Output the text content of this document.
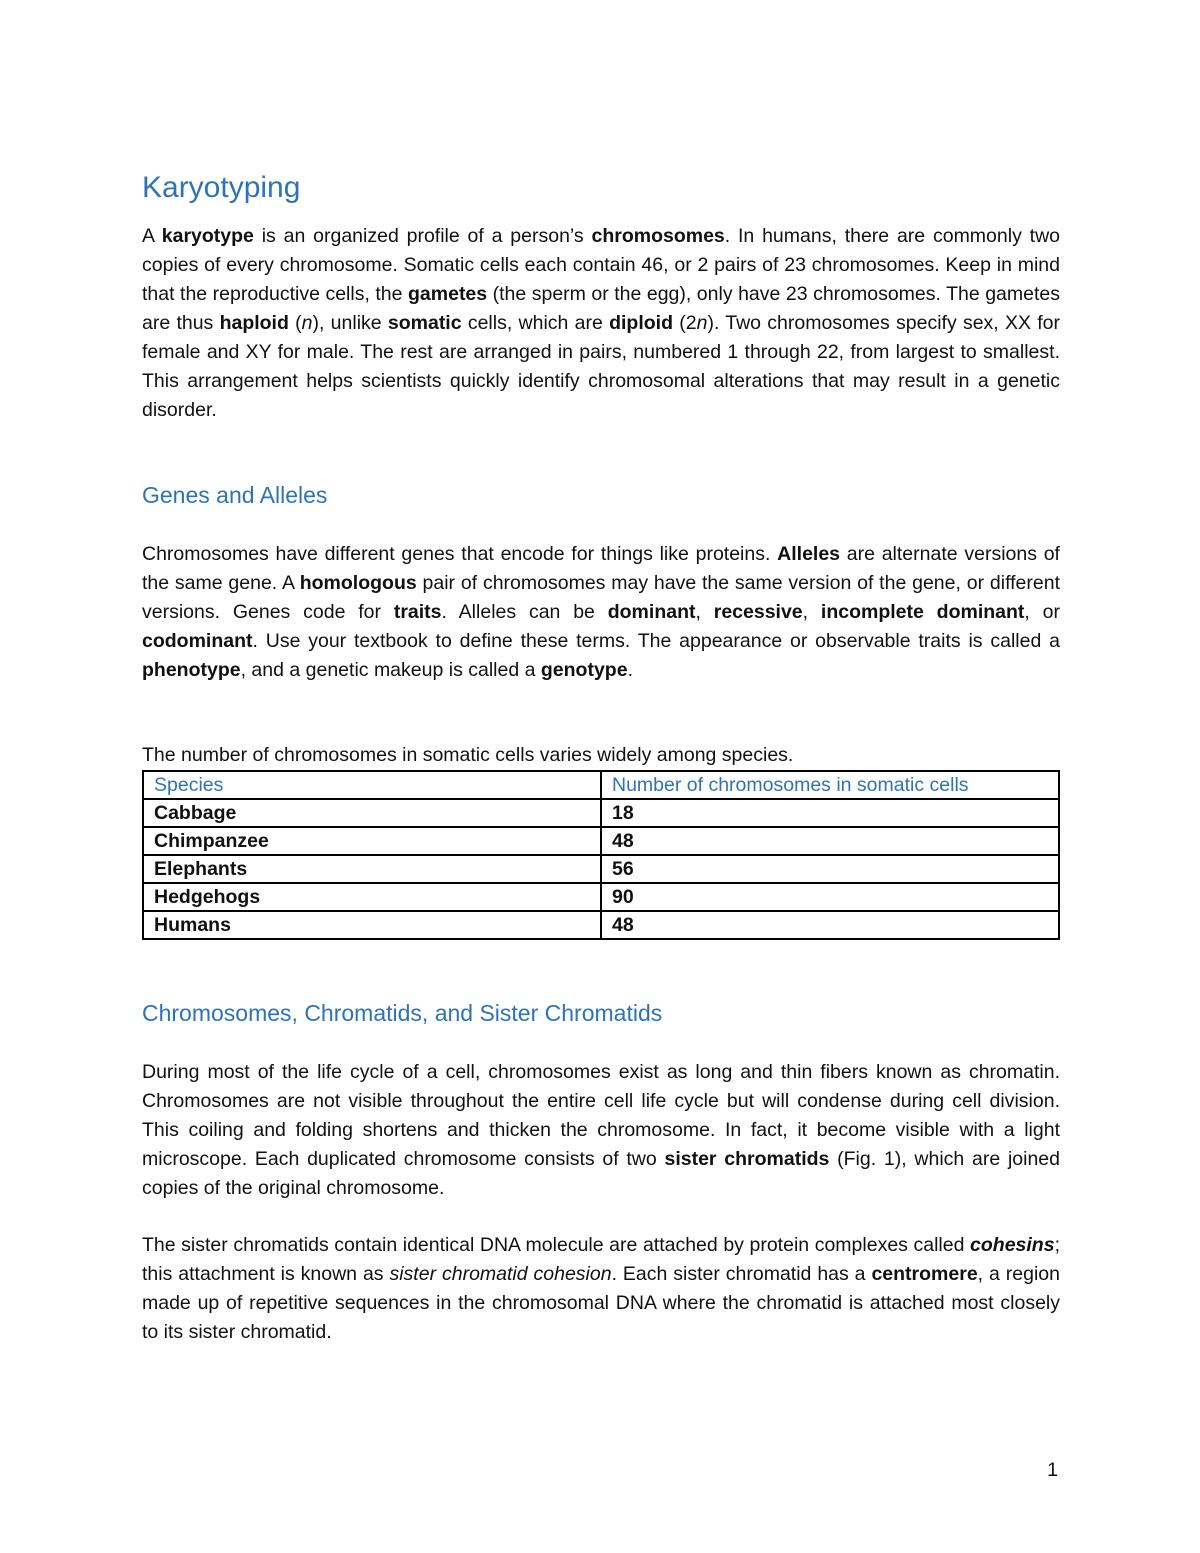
Karyotyping

A karyotype is an organized profile of a person’s chromosomes. In humans, there are commonly two copies of every chromosome. Somatic cells each contain 46, or 2 pairs of 23 chromosomes. Keep in mind that the reproductive cells, the gametes (the sperm or the egg), only have 23 chromosomes. The gametes are thus haploid (n), unlike somatic cells, which are diploid (2n). Two chromosomes specify sex, XX for female and XY for male. The rest are arranged in pairs, numbered 1 through 22, from largest to smallest. This arrangement helps scientists quickly identify chromosomal alterations that may result in a genetic disorder.

Genes and Alleles

Chromosomes have different genes that encode for things like proteins. Alleles are alternate versions of the same gene. A homologous pair of chromosomes may have the same version of the gene, or different versions. Genes code for traits. Alleles can be dominant, recessive, incomplete dominant, or codominant. Use your textbook to define these terms. The appearance or observable traits is called a phenotype, and a genetic makeup is called a genotype.

The number of chromosomes in somatic cells varies widely among species.

Species	Number of chromosomes in somatic cells
Cabbage	18
Chimpanzee	48
Elephants	56
Hedgehogs	90
Humans	48
Chromosomes, Chromatids, and Sister Chromatids

During most of the life cycle of a cell, chromosomes exist as long and thin fibers known as chromatin. Chromosomes are not visible throughout the entire cell life cycle but will condense during cell division. This coiling and folding shortens and thicken the chromosome. In fact, it become visible with a light microscope. Each duplicated chromosome consists of two sister chromatids (Fig. 1), which are joined copies of the original chromosome.

The sister chromatids contain identical DNA molecule are attached by protein complexes called cohesins; this attachment is known as sister chromatid cohesion. Each sister chromatid has a centromere, a region made up of repetitive sequences in the chromosomal DNA where the chromatid is attached most closely to its sister chromatid.

1
